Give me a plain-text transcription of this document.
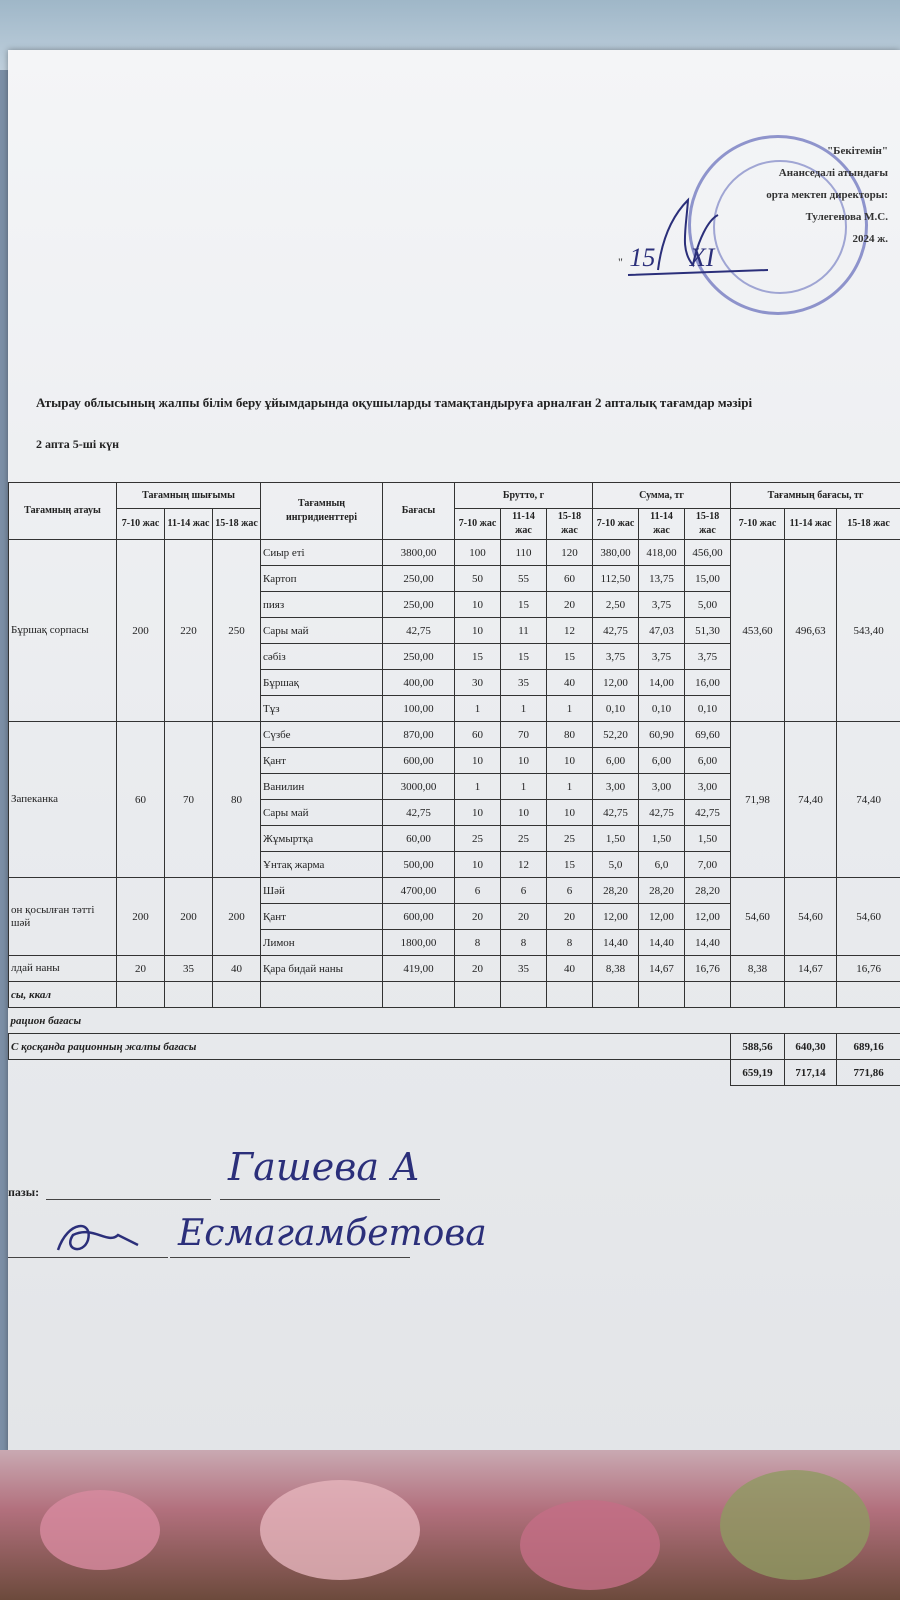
"Бекітемін"
Ананседалі атындағы
орта мектеп директоры:
Тулегенова М.С.
2024 ж.
" 15 XI
Атырау облысының жалпы білім беру ұйымдарында оқушыларды тамақтандыруға арналған 2 апталық тағамдар мәзірі
2 апта 5-ші күн
Тағамның атауы	Тағамның шығымы			Тағамның ингридиенттері	Бағасы	Брутто, г			Сумма, тг			Тағамның бағасы, тг		
	7-10 жас	11-14 жас	15-18 жас			7-10 жас	11-14 жас	15-18 жас	7-10 жас	11-14 жас	15-18 жас	7-10 жас	11-14 жас	15-18 жас
Бұршақ сорпасы	200	220	250	Сиыр еті	3800,00	100	110	120	380,00	418,00	456,00	453,60	496,63	543,40
				Картоп	250,00	50	55	60	112,50	13,75	15,00			
				пияз	250,00	10	15	20	2,50	3,75	5,00			
				Сары май	42,75	10	11	12	42,75	47,03	51,30			
				сәбіз	250,00	15	15	15	3,75	3,75	3,75			
				Бұршақ	400,00	30	35	40	12,00	14,00	16,00			
				Тұз	100,00	1	1	1	0,10	0,10	0,10			
Запеканка	60	70	80	Сүзбе	870,00	60	70	80	52,20	60,90	69,60	71,98	74,40	74,40
				Қант	600,00	10	10	10	6,00	6,00	6,00			
				Ванилин	3000,00	1	1	1	3,00	3,00	3,00			
				Сары май	42,75	10	10	10	42,75	42,75	42,75			
				Жұмыртқа	60,00	25	25	25	1,50	1,50	1,50			
				Ұнтақ жарма	500,00	10	12	15	5,0	6,0	7,00			
он қосылған тәтті шәй	200	200	200	Шәй	4700,00	6	6	6	28,20	28,20	28,20	54,60	54,60	54,60
				Қант	600,00	20	20	20	12,00	12,00	12,00			
				Лимон	1800,00	8	8	8	14,40	14,40	14,40			
лдай наны	20	35	40	Қара бидай наны	419,00	20	35	40	8,38	14,67	16,76	8,38	14,67	16,76
сы, ккал														
рацион бағасы														
С қосқанда рационның жалпы бағасы												588,56	640,30	689,16
												659,19	717,14	771,86
пазы:
Гашева А
Есмагамбетова
